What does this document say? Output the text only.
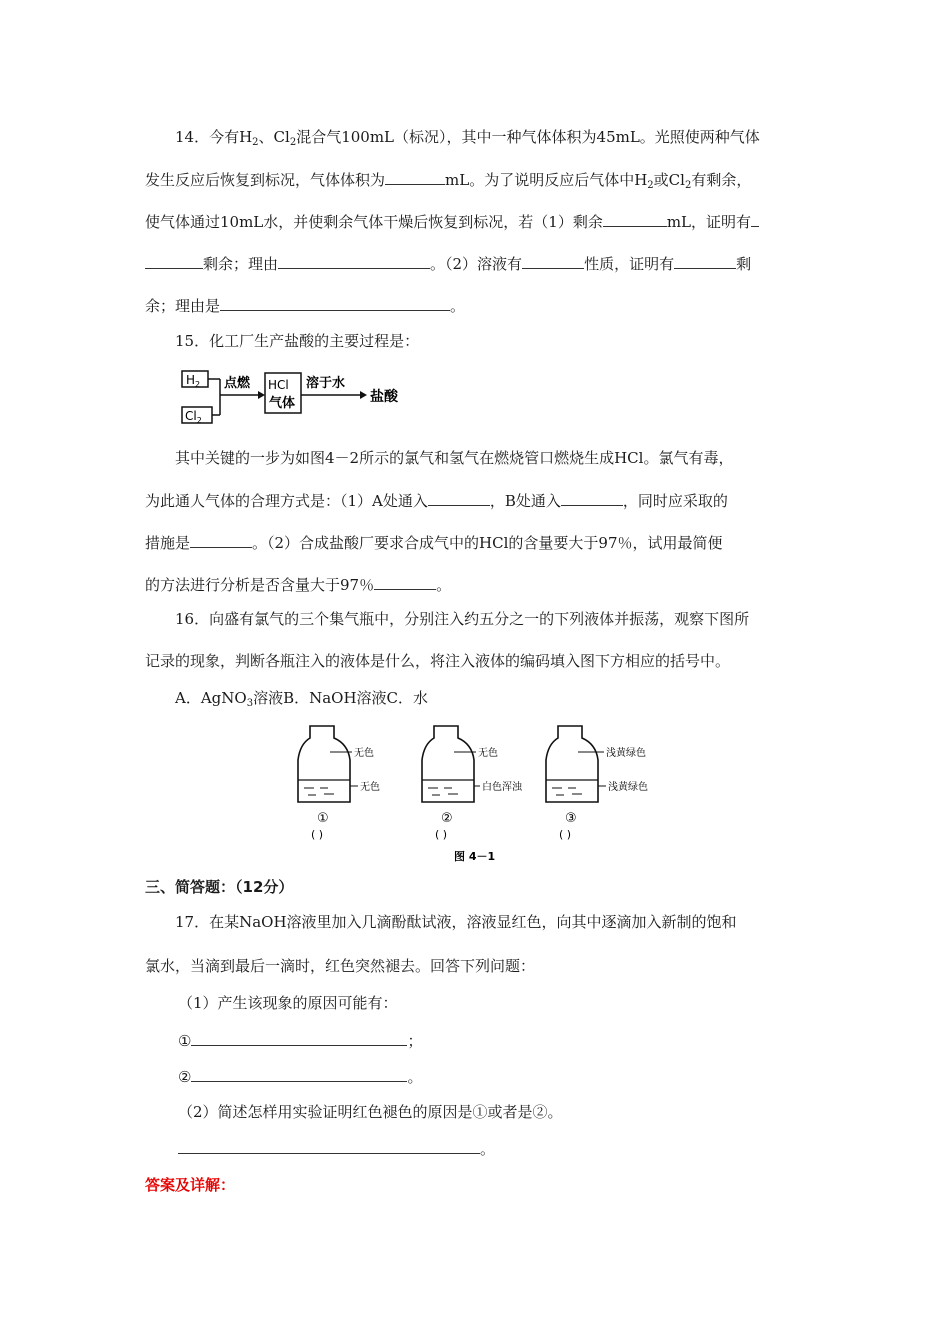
14．今有$H_2$、$Cl_2$混合气100mL（标况），其中一种气体体积为45mL。光照使两种气体
发生反应后恢复到标况，气体体积为	mL。为了说明反应后气体中$H_2$或$Cl_2$有剩余，
使气体通过10mL水，并使剩余气体干燥后恢复到标况，若（1）剩余	mL，证明有
剩余；理由	。（2）溶液有	性质，证明有	剩
余；理由是	。
15．化工厂生产盐酸的主要过程是：
$H_2$
$Cl_2$
点燃 HCl
气体
溶于水
盐酸
其中关键的一步为如图4－2所示的氯气和氢气在燃烧管口燃烧生成HCl。氯气有毒，
为此通人气体的合理方式是：（1）A处通入	，B处通入	，同时应采取的
措施是	。（2）合成盐酸厂要求合成气中的HCl的含量要大于97％，试用最简便
的方法进行分析是否含量大于97％	。
16．向盛有氯气的三个集气瓶中，分别注入约五分之一的下列液体并振荡，观察下图所
记录的现象，判断各瓶注入的液体是什么，将注入液体的编码填入图下方相应的括号中。
A．AgNO$_3$溶液B．NaOH溶液C．水
无色
无色
①
( )
无色
白色浑浊
②
( )
浅黄绿色
浅黄绿色
③
( )
图 4－1
三、简答题：（12分）
17．在某NaOH溶液里加入几滴酚酞试液，溶液显红色，向其中逐滴加入新制的饱和
氯水，当滴到最后一滴时，红色突然褪去。回答下列问题：
（1）产生该现象的原因可能有：
①	；
②	。
（2）简述怎样用实验证明红色褪色的原因是①或者是②。
。
答案及详解：
